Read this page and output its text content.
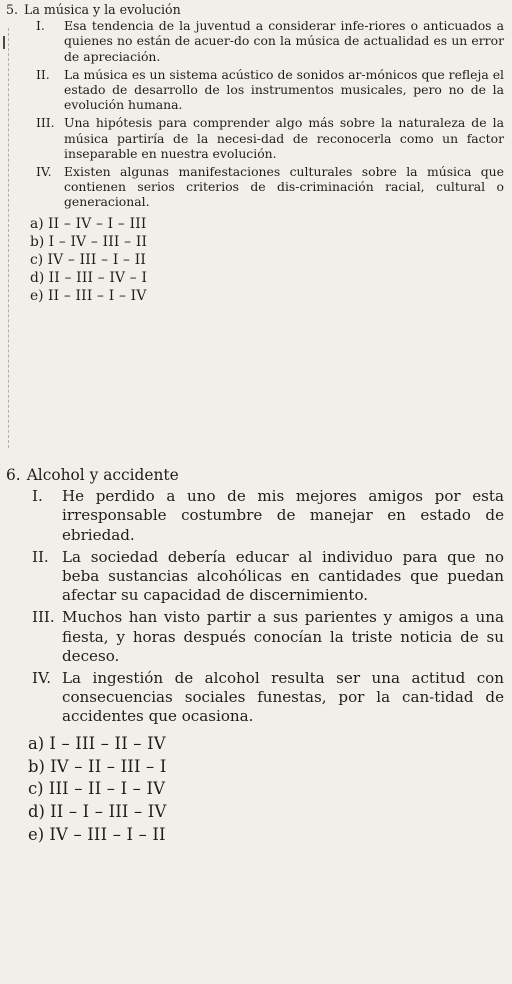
5. La música y la evolución
I.	Esa tendencia de la juventud a considerar infe-riores o anticuados a quienes no están de acuer-do con la música de actualidad es un error de apreciación.
II.	La música es un sistema acústico de sonidos ar-mónicos que refleja el estado de desarrollo de los instrumentos musicales, pero no de la evolución humana.
III. Una hipótesis para comprender algo más sobre la naturaleza de la música partiría de la necesi-dad de reconocerla como un factor inseparable en nuestra evolución.
IV. Existen algunas manifestaciones culturales sobre la música que contienen serios criterios de dis-criminación racial, cultural o generacional.
a) II – IV – I – III
b) I – IV – III – II
c) IV – III – I – II
d) II – III – IV – I
e) II – III – I – IV
6. Alcohol y accidente
I.	He perdido a uno de mis mejores amigos por esta irresponsable costumbre de manejar en estado de ebriedad.
II. La sociedad debería educar al individuo para que no beba sustancias alcohólicas en cantidades que puedan afectar su capacidad de discernimiento.
III. Muchos han visto partir a sus parientes y amigos a una fiesta, y horas después conocían la triste noticia de su deceso.
IV. La ingestión de alcohol resulta ser una actitud con consecuencias sociales funestas, por la can-tidad de accidentes que ocasiona.
a) I – III – II – IV
b) IV – II – III – I
c) III – II – I – IV
d) II – I – III – IV
e) IV – III – I – II
